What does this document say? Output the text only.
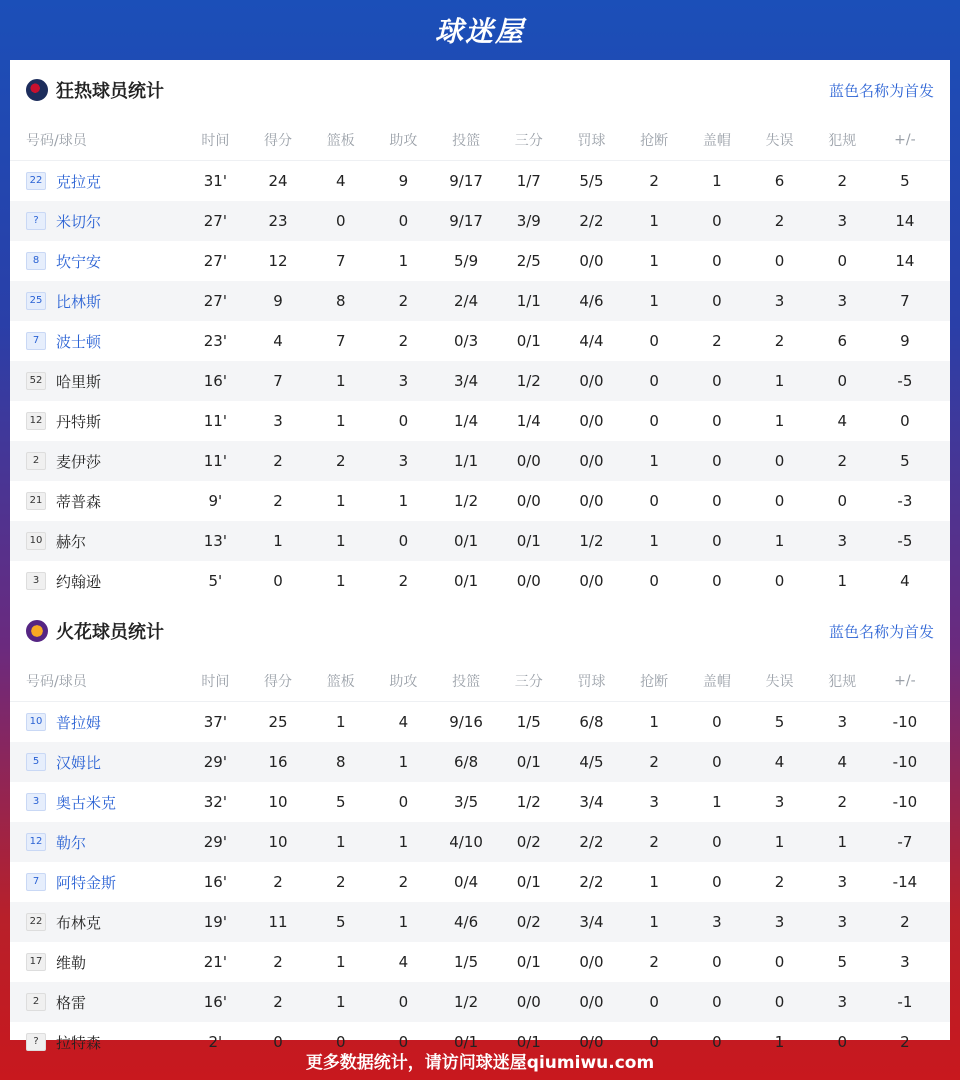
球迷屋
狂热球员统计	蓝色名称为首发
号码/球员	时间	得分	篮板	助攻	投篮	三分	罚球	抢断	盖帽	失误	犯规	+/-
22 克拉克	31'	24	4	9	9/17	1/7	5/5	2	1	6	2	5
?	米切尔	27'	23	0	0	9/17	3/9	2/2	1	0	2	3	14
8	坎宁安	27'	12	7	1	5/9	2/5	0/0	1	0	0	0	14
25 比林斯	27'	9	8	2	2/4	1/1	4/6	1	0	3	3	7
7	波士顿	23'	4	7	2	0/3	0/1	4/4	0	2	2	6	9
52 哈里斯	16'	7	1	3	3/4	1/2	0/0	0	0	1	0	-5
12 丹特斯	11'	3	1	0	1/4	1/4	0/0	0	0	1	4	0
2	麦伊莎	11'	2	2	3	1/1	0/0	0/0	1	0	0	2	5
21 蒂普森	9'	2	1	1	1/2	0/0	0/0	0	0	0	0	-3
10 赫尔	13'	1	1	0	0/1	0/1	1/2	1	0	1	3	-5
3	约翰逊	5'	0	1	2	0/1	0/0	0/0	0	0	0	1	4
火花球员统计	蓝色名称为首发
号码/球员	时间	得分	篮板	助攻	投篮	三分	罚球	抢断	盖帽	失误	犯规	+/-
10 普拉姆	37'	25	1	4	9/16	1/5	6/8	1	0	5	3	-10
5	汉姆比	29'	16	8	1	6/8	0/1	4/5	2	0	4	4	-10
3	奥古米克	32'	10	5	0	3/5	1/2	3/4	3	1	3	2	-10
12 勒尔	29'	10	1	1	4/10	0/2	2/2	2	0	1	1	-7
7	阿特金斯	16'	2	2	2	0/4	0/1	2/2	1	0	2	3	-14
22 布林克	19'	11	5	1	4/6	0/2	3/4	1	3	3	3	2
17 维勒	21'	2	1	4	1/5	0/1	0/0	2	0	0	5	3
2	格雷	16'	2	1	0	1/2	0/0	0/0	0	0	0	3	-1
?	拉特森	2'	0	0	0	0/1	0/1	0/0	0	0	1	0	2
更多数据统计，请访问球迷屋qiumiwu.com
